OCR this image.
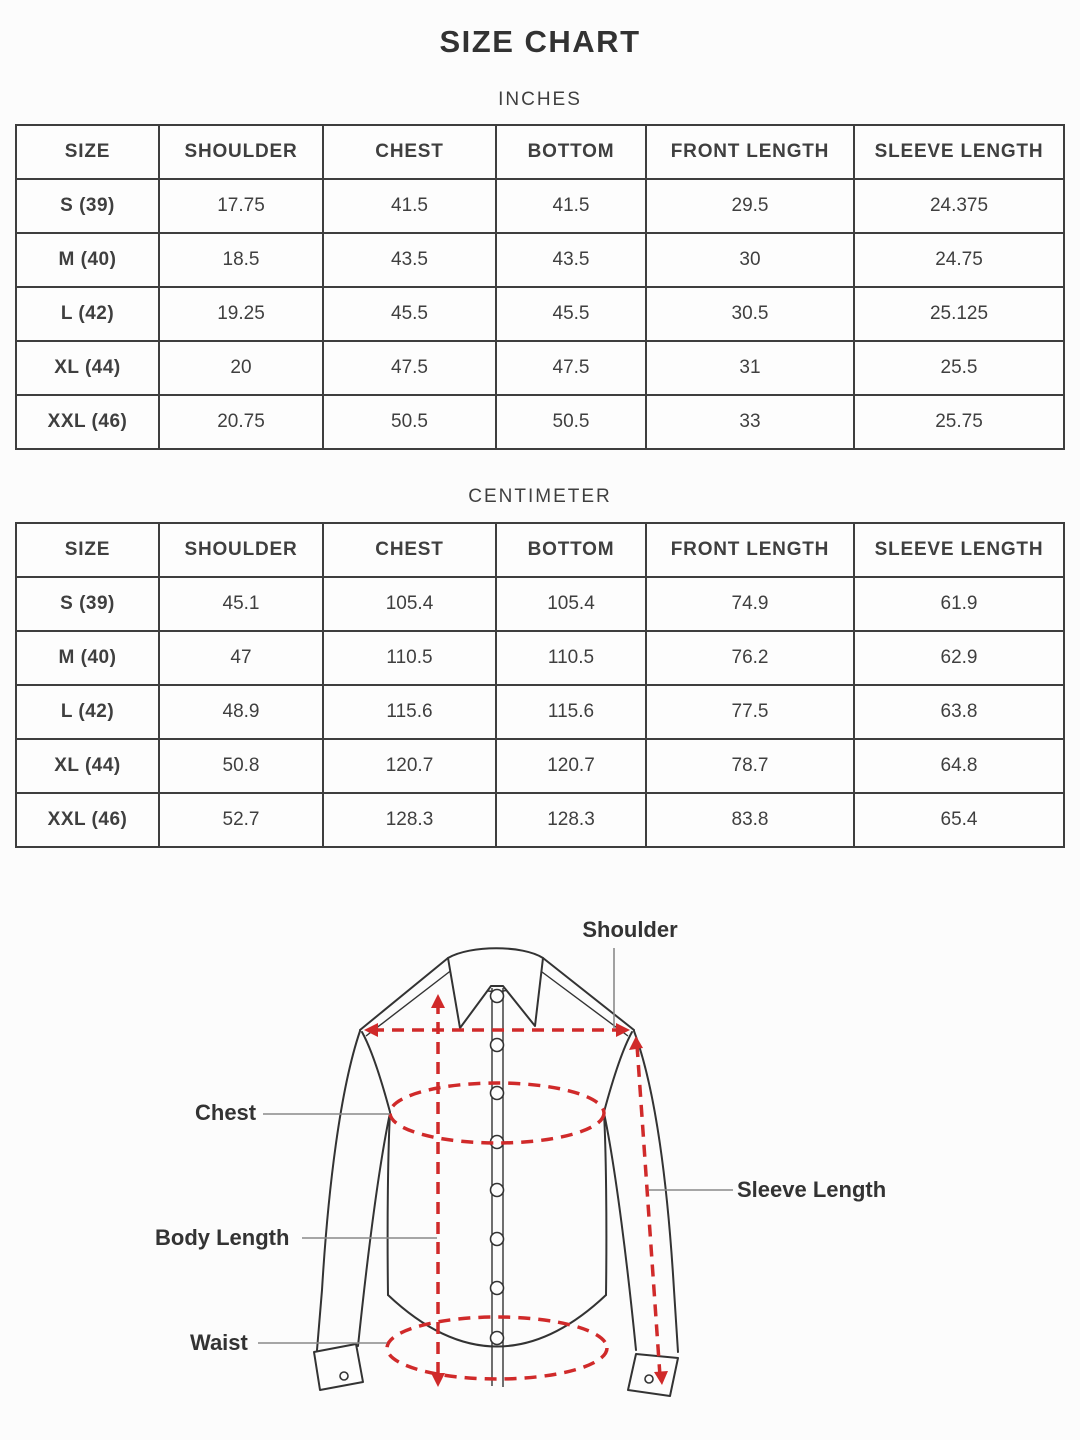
SIZE CHART
INCHES
SIZE	SHOULDER	CHEST	BOTTOM	FRONT LENGTH	SLEEVE LENGTH
S (39)	17.75	41.5	41.5	29.5	24.375
M (40)	18.5	43.5	43.5	30	24.75
L (42)	19.25	45.5	45.5	30.5	25.125
XL (44)	20	47.5	47.5	31	25.5
XXL (46)	20.75	50.5	50.5	33	25.75
CENTIMETER
SIZE	SHOULDER	CHEST	BOTTOM	FRONT LENGTH	SLEEVE LENGTH
S (39)	45.1	105.4	105.4	74.9	61.9
M (40)	47	110.5	110.5	76.2	62.9
L (42)	48.9	115.6	115.6	77.5	63.8
XL (44)	50.8	120.7	120.7	78.7	64.8
XXL (46)	52.7	128.3	128.3	83.8	65.4
Shoulder
Chest
Body Length
Sleeve Length
Waist
